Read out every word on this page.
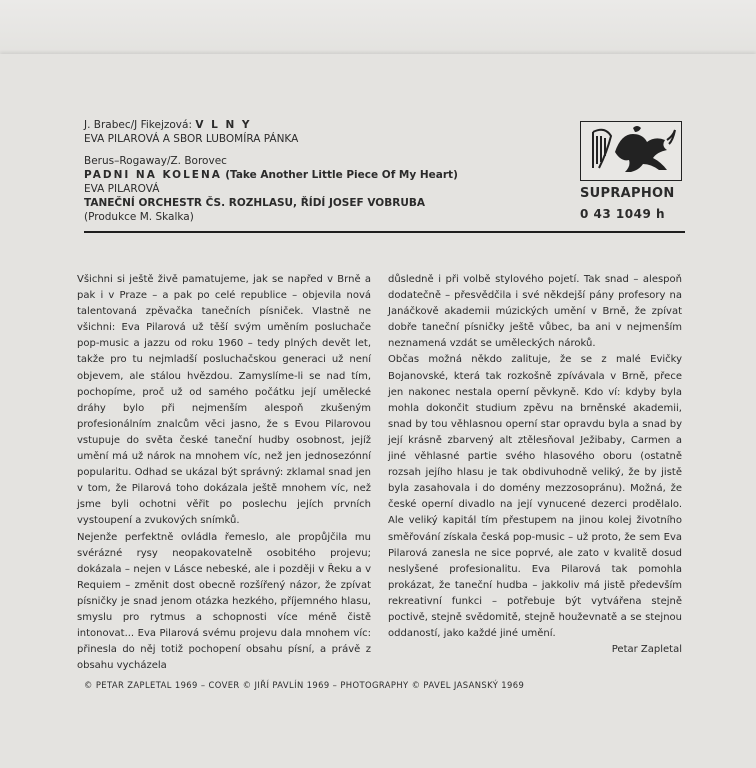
J. Brabec/J Fikejzová: V L N Y
EVA PILAROVÁ A SBOR LUBOMÍRA PÁNKA
Berus–Rogaway/Z. Borovec
PADNI NA KOLENA (Take Another Little Piece Of My Heart)
EVA PILAROVÁ
TANEČNÍ ORCHESTR ČS. ROZHLASU, ŘÍDÍ JOSEF VOBRUBA
(Produkce M. Skalka)
SUPRAPHON
0 43 1049 h

Všichni si ještě živě pamatujeme, jak se napřed v Brně a pak i v Praze – a pak po celé republice – objevila nová talentovaná zpěvačka tanečních písniček. Vlastně ne všichni: Eva Pilarová už těší svým uměním posluchače pop-music a jazzu od roku 1960 – tedy plných devět let, takže pro tu nejmladší posluchačskou generaci už není objevem, ale stálou hvězdou. Zamyslíme-li se nad tím, pochopíme, proč už od samého počátku její umělecké dráhy bylo při nejmenším alespoň zkušeným profesionálním znalcům věci jasno, že s Evou Pilarovou vstupuje do světa české taneční hudby osobnost, jejíž umění má už nárok na mnohem víc, než jen jednosezónní popularitu. Odhad se ukázal být správný: zklamal snad jen v tom, že Pilarová toho dokázala ještě mnohem víc, než jsme byli ochotni věřit po poslechu jejích prvních vystoupení a zvukových snímků.

Nejenže perfektně ovládla řemeslo, ale propůjčila mu svérázné rysy neopakovatelně osobitého projevu; dokázala – nejen v Lásce nebeské, ale i později v Řeku a v Requiem – změnit dost obecně rozšířený názor, že zpívat písničky je snad jenom otázka hezkého, příjemného hlasu, smyslu pro rytmus a schopnosti více méně čistě intonovat... Eva Pilarová svému projevu dala mnohem víc: přinesla do něj totiž pochopení obsahu písní, a právě z obsahu vycházela

důsledně i při volbě stylového pojetí. Tak snad – alespoň dodatečně – přesvědčila i své někdejší pány profesory na Janáčkově akademii múzických umění v Brně, že zpívat dobře taneční písničky ještě vůbec, ba ani v nejmenším neznamená vzdát se uměleckých nároků.

Občas možná někdo zalituje, že se z malé Evičky Bojanovské, která tak rozkošně zpívávala v Brně, přece jen nakonec nestala operní pěvkyně. Kdo ví: kdyby byla mohla dokončit studium zpěvu na brněnské akademii, snad by tou věhlasnou operní star opravdu byla a snad by její krásně zbarvený alt ztělesňoval Ježibaby, Carmen a jiné věhlasné partie svého hlasového oboru (ostatně rozsah jejího hlasu je tak obdivuhodně veliký, že by jistě byla zasahovala i do domény mezzosopránu). Možná, že české operní divadlo na její vynucené dezerci prodělalo. Ale veliký kapitál tím přestupem na jinou kolej životního směřování získala česká pop-music – už proto, že sem Eva Pilarová zanesla ne sice poprvé, ale zato v kvalitě dosud neslyšené profesionalitu. Eva Pilarová tak pomohla prokázat, že taneční hudba – jakkoliv má jistě především rekreativní funkci – potřebuje být vytvářena stejně poctivě, stejně svědomitě, stejně houževnatě a se stejnou oddaností, jako každé jiné umění.

Petar Zapletal
© PETAR ZAPLETAL 1969 – COVER © JIŘÍ PAVLÍN 1969 – PHOTOGRAPHY © PAVEL JASANSKÝ 1969
